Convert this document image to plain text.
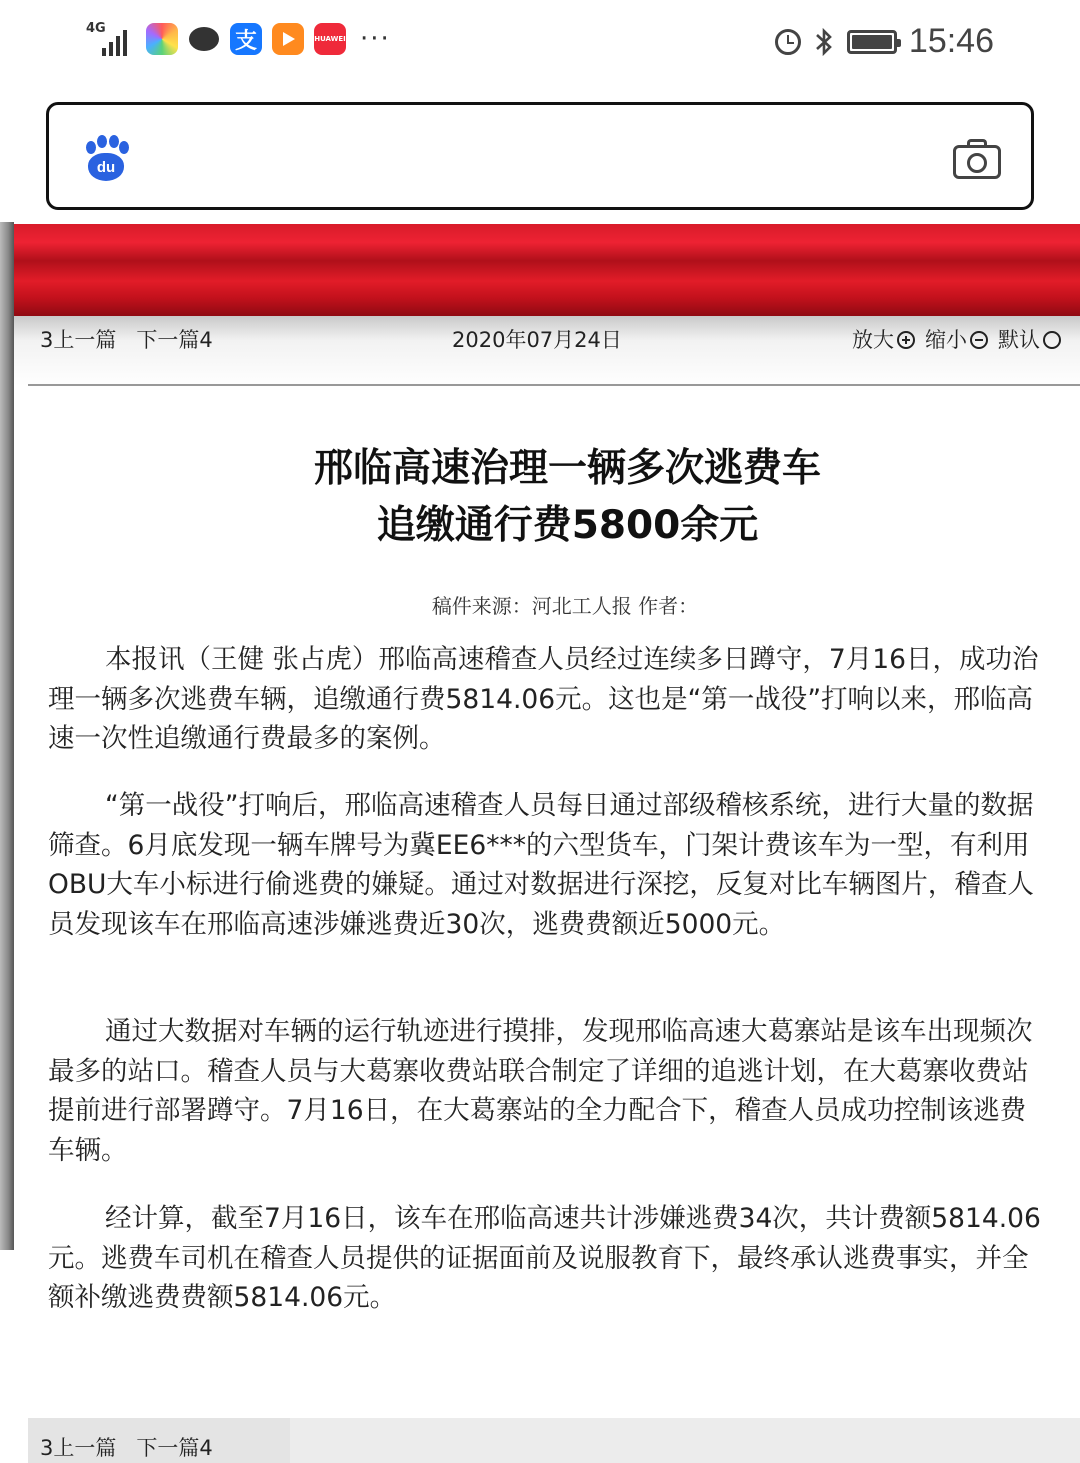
4G	支	HUAWEI ···	15:46
du
3上一篇 下一篇4	2020年07月24日	放大 缩小 默认
邢临高速治理一辆多次逃费车
追缴通行费5800余元
稿件来源：河北工人报 作者：

本报讯（王健 张占虎）邢临高速稽查人员经过连续多日蹲守，7月16日，成功治理一辆多次逃费车辆，追缴通行费5814.06元。这也是“第一战役”打响以来，邢临高速一次性追缴通行费最多的案例。

“第一战役”打响后，邢临高速稽查人员每日通过部级稽核系统，进行大量的数据筛查。6月底发现一辆车牌号为冀EE6***的六型货车，门架计费该车为一型，有利用OBU大车小标进行偷逃费的嫌疑。通过对数据进行深挖，反复对比车辆图片，稽查人员发现该车在邢临高速涉嫌逃费近30次，逃费费额近5000元。

通过大数据对车辆的运行轨迹进行摸排，发现邢临高速大葛寨站是该车出现频次最多的站口。稽查人员与大葛寨收费站联合制定了详细的追逃计划，在大葛寨收费站提前进行部署蹲守。7月16日，在大葛寨站的全力配合下，稽查人员成功控制该逃费车辆。

经计算，截至7月16日，该车在邢临高速共计涉嫌逃费34次，共计费额5814.06元。逃费车司机在稽查人员提供的证据面前及说服教育下，最终承认逃费事实，并全额补缴逃费费额5814.06元。

3上一篇 下一篇4
